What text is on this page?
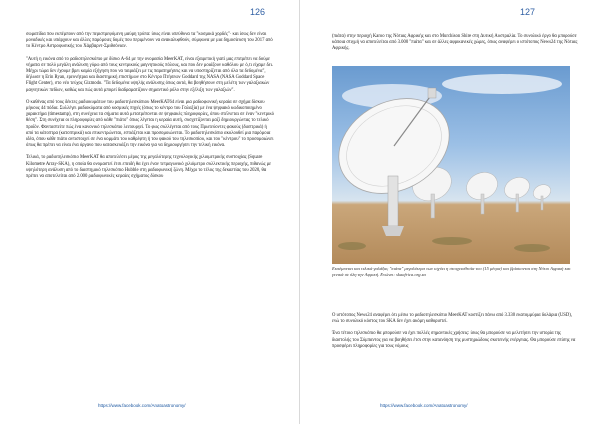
126

σωματίδια που εκπέμπουν από την περιστρεφόμενη μαύρη τρύπα: ίσως είναι υπεύθυνα τα "κοσμικά χορδές"· και ίσως δεν είναι μοναδικές και υπάρχουν και άλλες παρόμοιες δομές που περιμένουν να ανακαλυφθούν, σύμφωνα με μια δημοσίευση του 2017 από το Κέντρο Αστροφυσικής του Χάρβαρντ-Σμιθσόνιαν.

"Αυτή η εικόνα από το ραδιοτηλεσκόπιο με δίσκο Α-64 με την ονομασία MeerKAT, είναι εξαιρετική γιατί μας επιτρέπει να δούμε νήματα σε πολύ μεγάλη ανάλυση γύρω από τους κεντρικούς μαγνητικούς πόλους, και που δεν μοιάζουν καθόλου με ό,τι είχαμε δει. Μέχρι τώρα δεν έχουμε βρει καμία εξήγηση που να ταιριάζει με τις παρατηρήσεις και να υποστηρίζεται από όλα τα δεδομένα", δήλωσε η Erin Ryan, ερευνήτρια και διαστημική επιστήμων στο Κέντρο Πτήσεων Goddard της NASA (NASA Goddard Space Flight Center), στο νέο τεύχος Gizmodo. "Τα δεδομένα υψηλής ανάλυσης όπως αυτά, θα βοηθήσουν στη μελέτη των γαλαξιακών μαγνητικών πεδίων, καθώς και πώς αυτά μπορεί διαδραματίζουν σημαντικό ρόλο στην εξέλιξη των γαλαξιών".

Ο καθένας από τους δέκτες ραδιοκυμάτων του ραδιοτηλεσκόπιου MeerKAT64 είναι μια ραδιοφωνική κεραία σε σχήμα δίσκου μήκους 44 πόδια. Συλλέγει ραδιοκύματα από κοσμικές πηγές (όπως το κέντρο του Γαλαξία) με ένα ψηφιακό κωδικοποιημένο χαρακτήρα (timestamp), στη συνέχεια τα σήματα αυτά μετατρέπονται σε ψηφιακές πληροφορίες, όπου στέλνεται σε έναν "κεντρικό θέση". Στη συνέχεια οι πληροφορίες από κάθε "πιάτο" όπως λέγεται η κεραία αυτή, συσχετίζονται μαζί δημιουργώντας το τελικό προϊόν. Φανταστείτε πώς ένα κανονικό τηλεσκόπιο λειτουργεί. Το φως συλλέγεται από τους Πρωτεύοντες φακούς (διοπτρικά) ή από τα κάτοπτρα (κατοπτρικά) και επικεντρώνεται, εστιάζεται και προσομοιώνεται. Το ραδιοτηλεσκόπιο ακολουθεί μια παρόμοια ιδέα, όπου κάθε πιάτο αντιστοιχεί σε ένα κομμάτι του καθρέφτη ή του φακού του τηλεσκοπίου, και του "κέντρου" το προσομοιώνει όπως θα πρέπει να είναι ένα όργανο που κατασκευάζει την εικόνα για να δημιουργήσει την τελική εικόνα.

Τελικά, το ραδιοτηλεσκόπιο MeerKAT θα αποτελέσει μέρος της μεγαλύτερης τεχνολογικής χιλιομετρικής συστοιχίας (Square Kilometre Array-SKA), η οποία θα ονομαστεί έτσι επειδή θα έχει έναν τετραγωνικό χιλιόμετρο συλλεκτικής περιοχής, πιθανώς με υψηλότερη ανάλυση από το διαστημικό τηλεσκόπιο Hubble στη ραδιοφωνική ζώνη. Μέχρι το τέλος της δεκαετίας του 2020, θα πρέπει να αποτελείται από 2.000 ραδιοφωνικές κεραίες σχήματος δίσκου

https://www.facebook.com/Anatoastronomy/
127

(πιάτα) στην περιοχή Karoo της Νότιας Αφρικής και στο Murchison Shire στη Δυτική Αυστραλία. Το συνολικό έργο θα μπορούσε κάποια στιγμή να αποτελείται από 3.000 "πιάτα" και σε άλλες αφρικανικές χώρες, όπως αναφέρει ο ιστότοπος News24 της Νότιας Αφρικής.

Εκπέμπεται και τελικά γαλάξας "πιάτα" μεγαλύτερα των ισχύει η στοιχειοθεσία του (15 μέτρα) και βρίσκονται στη Νότιο Αφρική και γενικά σε όλη την Αφρική. Ενώνει: skaafrica.org.za

Ο ιστότοπος News24 αναφέρει ότι μέσω το ραδιοτηλεσκόπιο MeerKAT κοστίζει πάνω από 3.330 εκατομμύρια δολάρια (USD), ενώ το συνολικό κόστος του SKA δεν έχει ακόμη καθοριστεί.

Ένα τέτοιο τηλεσκόπιο θα μπορούσε να έχει πολλές σημαντικές χρήσεις: ίσως θα μπορούσε να μελετήσει την ιστορία της διαστολής του Σύμπαντος για να βοηθήσει έτσι στην κατανόηση της μυστηριώδους σκοτεινής ενέργειας. Θα μπορούσε επίσης να προσφέρει πληροφορίες για τους νόμους

https://www.facebook.com/Anatoastronomy/
